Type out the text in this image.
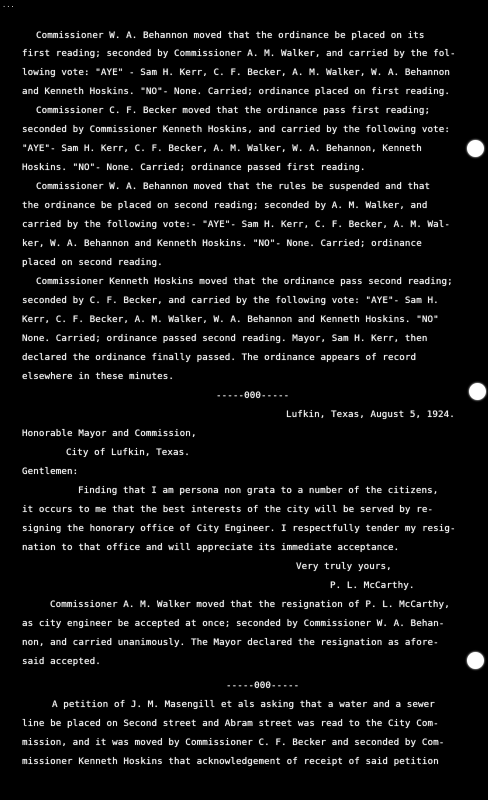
...
Commissioner W. A. Behannon moved that the ordinance be placed on its
first reading; seconded by Commissioner A. M. Walker, and carried by the fol-
lowing vote: "AYE" - Sam H. Kerr, C. F. Becker, A. M. Walker, W. A. Behannon
and Kenneth Hoskins. "NO"- None. Carried; ordinance placed on first reading.
Commissioner C. F. Becker moved that the ordinance pass first reading;
seconded by Commissioner Kenneth Hoskins, and carried by the following vote:
"AYE"- Sam H. Kerr, C. F. Becker, A. M. Walker, W. A. Behannon, Kenneth
Hoskins. "NO"- None. Carried; ordinance passed first reading.
Commissioner W. A. Behannon moved that the rules be suspended and that
the ordinance be placed on second reading; seconded by A. M. Walker, and
carried by the following vote:- "AYE"- Sam H. Kerr, C. F. Becker, A. M. Wal-
ker, W. A. Behannon and Kenneth Hoskins. "NO"- None. Carried; ordinance
placed on second reading.
Commissioner Kenneth Hoskins moved that the ordinance pass second reading;
seconded by C. F. Becker, and carried by the following vote: "AYE"- Sam H.
Kerr, C. F. Becker, A. M. Walker, W. A. Behannon and Kenneth Hoskins. "NO"
None. Carried; ordinance passed second reading. Mayor, Sam H. Kerr, then
declared the ordinance finally passed. The ordinance appears of record
elsewhere in these minutes.
-----000-----
Lufkin, Texas, August 5, 1924.
Honorable Mayor and Commission,
City of Lufkin, Texas.
Gentlemen:
Finding that I am persona non grata to a number of the citizens,
it occurs to me that the best interests of the city will be served by re-
signing the honorary office of City Engineer. I respectfully tender my resig-
nation to that office and will appreciate its immediate acceptance.
Very truly yours,
P. L. McCarthy.
Commissioner A. M. Walker moved that the resignation of P. L. McCarthy,
as city engineer be accepted at once; seconded by Commissioner W. A. Behan-
non, and carried unanimously. The Mayor declared the resignation as afore-
said accepted.
-----000-----
A petition of J. M. Masengill et als asking that a water and a sewer
line be placed on Second street and Abram street was read to the City Com-
mission, and it was moved by Commissioner C. F. Becker and seconded by Com-
missioner Kenneth Hoskins that acknowledgement of receipt of said petition
